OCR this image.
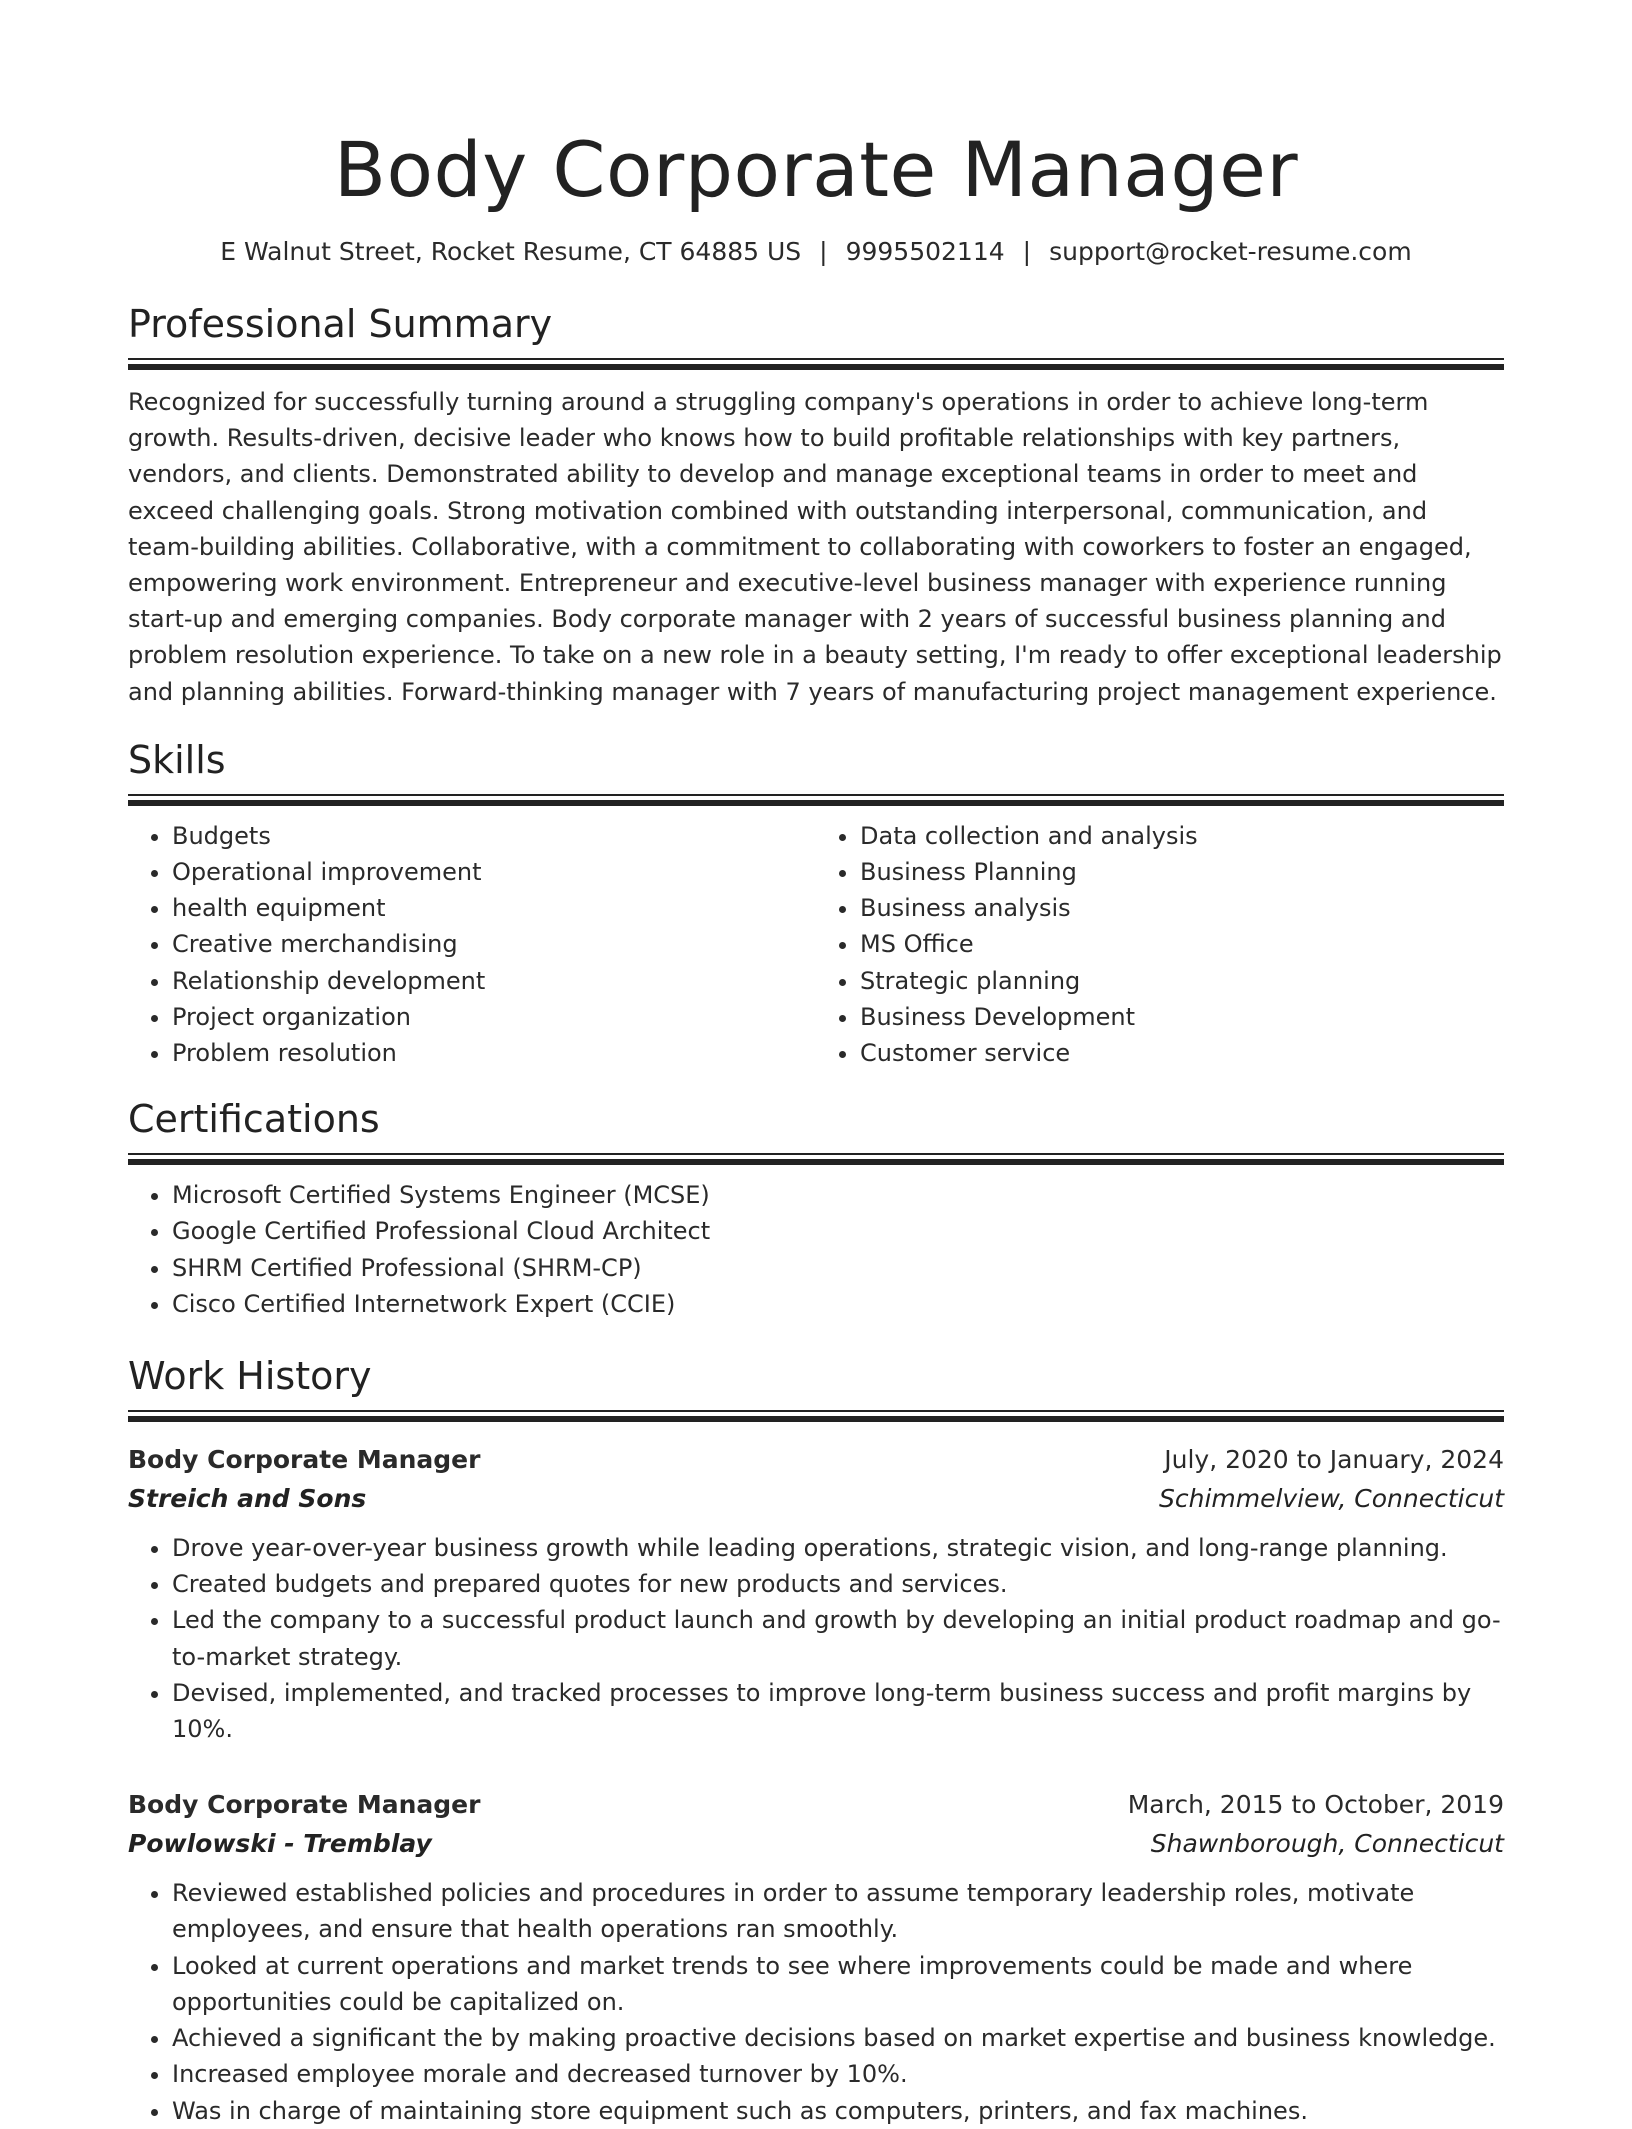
Body Corporate Manager
E Walnut Street, Rocket Resume, CT 64885 US | 9995502114 | support@rocket-resume.com
Professional Summary

Recognized for successfully turning around a struggling company's operations in order to achieve long-term growth. Results-driven, decisive leader who knows how to build profitable relationships with key partners, vendors, and clients. Demonstrated ability to develop and manage exceptional teams in order to meet and exceed challenging goals. Strong motivation combined with outstanding interpersonal, communication, and team-building abilities. Collaborative, with a commitment to collaborating with coworkers to foster an engaged, empowering work environment. Entrepreneur and executive-level business manager with experience running start-up and emerging companies. Body corporate manager with 2 years of successful business planning and problem resolution experience. To take on a new role in a beauty setting, I'm ready to offer exceptional leadership and planning abilities. Forward-thinking manager with 7 years of manufacturing project management experience.

Skills
• Budgets
• Operational improvement
• health equipment
• Creative merchandising
• Relationship development
• Project organization
• Problem resolution
• Data collection and analysis
• Business Planning
• Business analysis
• MS Office
• Strategic planning
• Business Development
• Customer service
Certifications
• Microsoft Certified Systems Engineer (MCSE)
• Google Certified Professional Cloud Architect
• SHRM Certified Professional (SHRM-CP)
• Cisco Certified Internetwork Expert (CCIE)
Work History
Body Corporate Manager	July, 2020 to January, 2024
Streich and Sons	Schimmelview, Connecticut
• Drove year-over-year business growth while leading operations, strategic vision, and long-range planning.
• Created budgets and prepared quotes for new products and services.
• Led the company to a successful product launch and growth by developing an initial product roadmap and go-to-market strategy.
• Devised, implemented, and tracked processes to improve long-term business success and profit margins by 10%.
Body Corporate Manager	March, 2015 to October, 2019
Powlowski - Tremblay	Shawnborough, Connecticut
• Reviewed established policies and procedures in order to assume temporary leadership roles, motivate employees, and ensure that health operations ran smoothly.
• Looked at current operations and market trends to see where improvements could be made and where opportunities could be capitalized on.
• Achieved a significant the by making proactive decisions based on market expertise and business knowledge.
• Increased employee morale and decreased turnover by 10%.
• Was in charge of maintaining store equipment such as computers, printers, and fax machines.
